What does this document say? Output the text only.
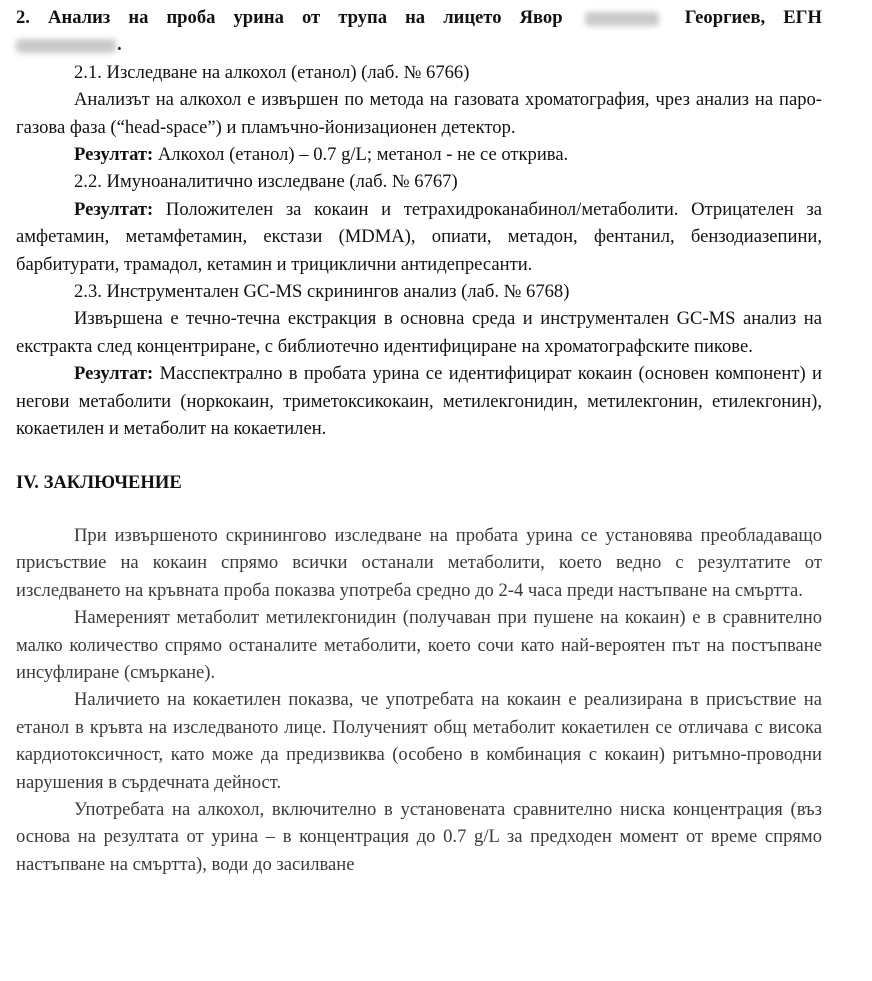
2. Анализ на проба урина от трупа на лицето Явор	Георгиев, ЕГН
.
2.1. Изследване на алкохол (етанол) (лаб. № 6766)
Анализът на алкохол е извършен по метода на газовата хроматография, чрез анализ на паро-газова фаза (“head-space”) и пламъчно-йонизационен детектор.
Резултат: Алкохол (етанол) – 0.7 g/L; метанол - не се открива.
2.2. Имуноаналитично изследване (лаб. № 6767)
Резултат: Положителен за кокаин и тетрахидроканабинол/метаболити. Отрицателен за амфетамин, метамфетамин, екстази (MDMA), опиати, метадон, фентанил, бензодиазепини, барбитурати, трамадол, кетамин и трициклични антидепресанти.
2.3. Инструментален GC-MS скринингов анализ (лаб. № 6768)
Извършена е течно-течна екстракция в основна среда и инструментален GC-MS анализ на екстракта след концентриране, с библиотечно идентифициране на хроматографските пикове.
Резултат: Масспектрално в пробата урина се идентифицират кокаин (основен компонент) и негови метаболити (норкокаин, триметоксикокаин, метилекгонидин, метилекгонин, етилекгонин), кокаетилен и метаболит на кокаетилен.
IV. ЗАКЛЮЧЕНИЕ
При извършеното скринингово изследване на пробата урина се установява преобладаващо присъствие на кокаин спрямо всички останали метаболити, което ведно с резултатите от изследването на кръвната проба показва употреба средно до 2-4 часа преди настъпване на смъртта.
Намереният метаболит метилекгонидин (получаван при пушене на кокаин) е в сравнително малко количество спрямо останалите метаболити, което сочи като най-вероятен път на постъпване инсуфлиране (смъркане).
Наличието на кокаетилен показва, че употребата на кокаин е реализирана в присъствие на етанол в кръвта на изследваното лице. Полученият общ метаболит кокаетилен се отличава с висока кардиотоксичност, като може да предизвиква (особено в комбинация с кокаин) ритъмно-проводни нарушения в сърдечната дейност.
Употребата на алкохол, включително в установената сравнително ниска концентрация (въз основа на резултата от урина – в концентрация до 0.7 g/L за предходен момент от време спрямо настъпване на смъртта), води до засилване
